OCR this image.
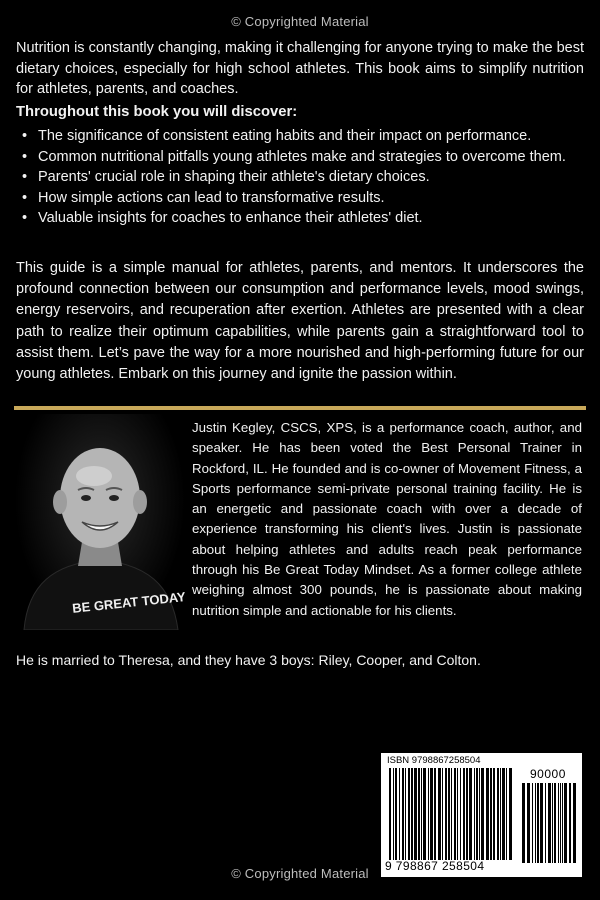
© Copyrighted Material

Nutrition is constantly changing, making it challenging for anyone trying to make the best dietary choices, especially for high school athletes. This book aims to simplify nutrition for athletes, parents, and coaches.

Throughout this book you will discover:

• The significance of consistent eating habits and their impact on performance.
• Common nutritional pitfalls young athletes make and strategies to overcome them.
• Parents' crucial role in shaping their athlete's dietary choices.
• How simple actions can lead to transformative results.
• Valuable insights for coaches to enhance their athletes' diet.

This guide is a simple manual for athletes, parents, and mentors. It underscores the profound connection between our consumption and performance levels, mood swings, energy reservoirs, and recuperation after exertion. Athletes are presented with a clear path to realize their optimum capabilities, while parents gain a straightforward tool to assist them. Let’s pave the way for a more nourished and high-performing future for our young athletes. Embark on this journey and ignite the passion within.

BE GREAT TODAY

Justin Kegley, CSCS, XPS, is a performance coach, author, and speaker. He has been voted the Best Personal Trainer in Rockford, IL. He founded and is co-owner of Movement Fitness, a Sports performance semi-private personal training facility. He is an energetic and passionate coach with over a decade of experience transforming his client's lives. Justin is passionate about helping athletes and adults reach peak performance through his Be Great Today Mindset. As a former college athlete weighing almost 300 pounds, he is passionate about making nutrition simple and actionable for his clients.

He is married to Theresa, and they have 3 boys: Riley, Cooper, and Colton.

ISBN 9798867258504
90000
9 798867 258504
© Copyrighted Material
